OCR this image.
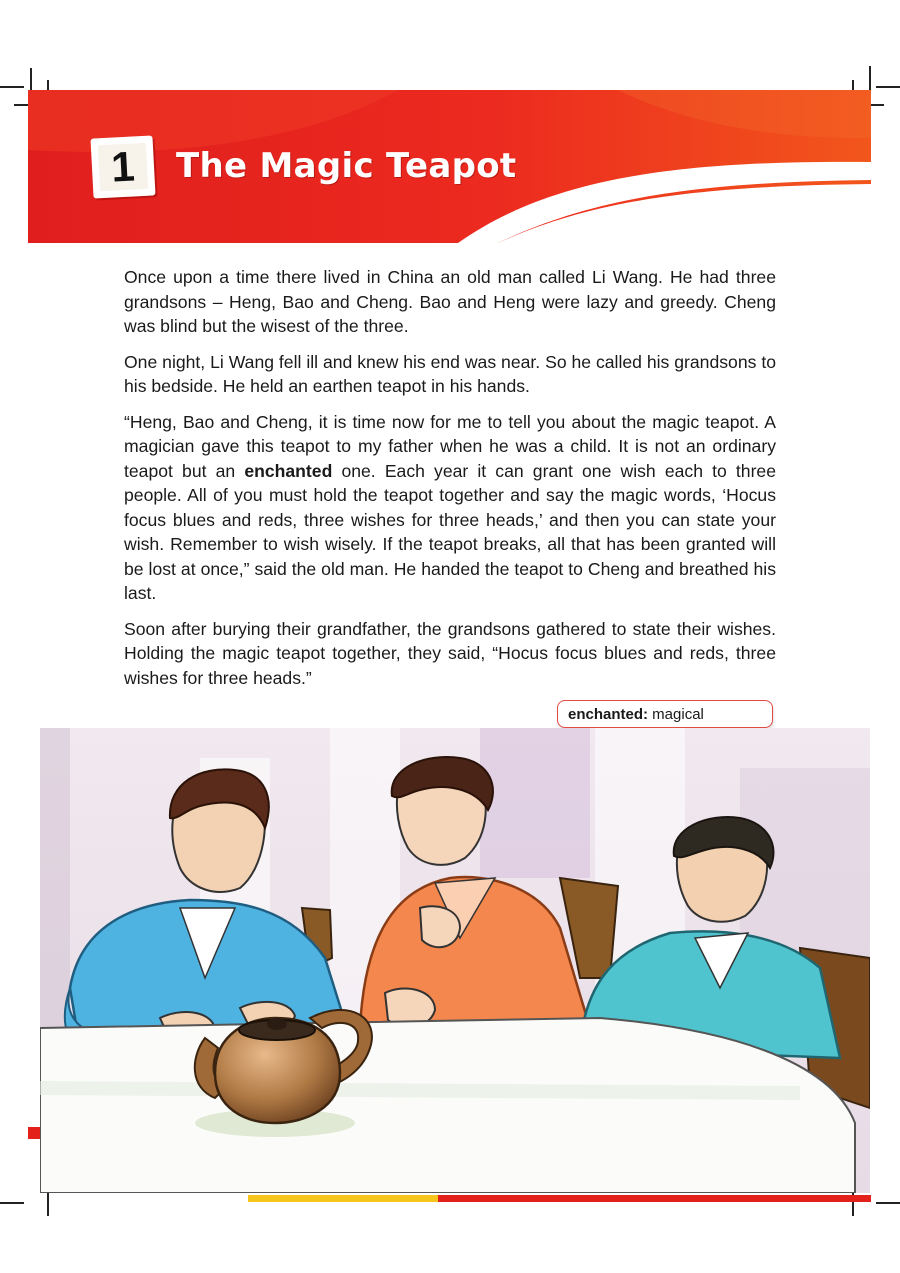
1	The Magic Teapot

Once upon a time there lived in China an old man called Li Wang. He had three grandsons – Heng, Bao and Cheng. Bao and Heng were lazy and greedy. Cheng was blind but the wisest of the three.

One night, Li Wang fell ill and knew his end was near. So he called his grandsons to his bedside. He held an earthen teapot in his hands.

“Heng, Bao and Cheng, it is time now for me to tell you about the magic teapot. A magician gave this teapot to my father when he was a child. It is not an ordinary teapot but an enchanted one. Each year it can grant one wish each to three people. All of you must hold the teapot together and say the magic words, ‘Hocus focus blues and reds, three wishes for three heads,’ and then you can state your wish. Remember to wish wisely. If the teapot breaks, all that has been granted will be lost at once,” said the old man. He handed the teapot to Cheng and breathed his last.

Soon after burying their grandfather, the grandsons gathered to state their wishes. Holding the magic teapot together, they said, “Hocus focus blues and reds, three wishes for three heads.”

enchanted: magical
